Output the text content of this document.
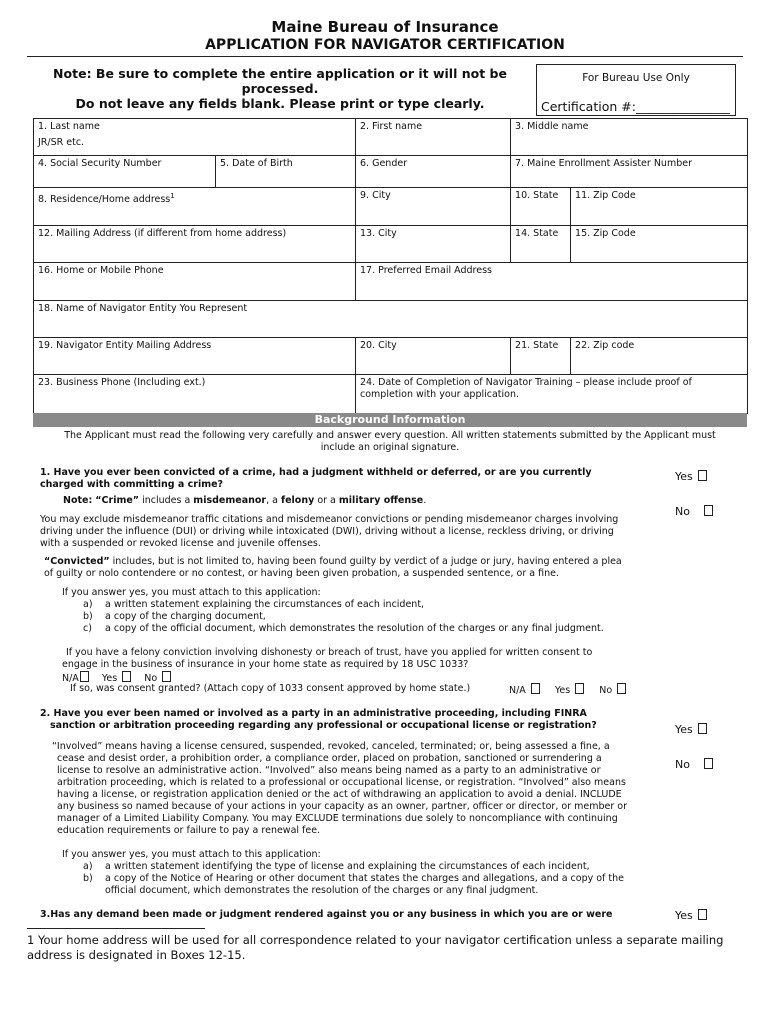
Maine Bureau of Insurance
APPLICATION FOR NAVIGATOR CERTIFICATION
Note: Be sure to complete the entire application or it will not be
processed.
Do not leave any fields blank. Please print or type clearly.
For Bureau Use Only
Certification #:_______________
1. Last name
JR/SR etc.		2. First name	3. Middle name	
4. Social Security Number	5. Date of Birth	6. Gender	7. Maine Enrollment Assister Number	
8. Residence/Home address$^1$		9. City	10. State	11. Zip Code
12. Mailing Address (if different from home address)		13. City	14. State	15. Zip Code
16. Home or Mobile Phone		17. Preferred Email Address		
18. Name of Navigator Entity You Represent				
19. Navigator Entity Mailing Address		20. City	21. State	22. Zip code
23. Business Phone (Including ext.)		24. Date of Completion of Navigator Training – please include proof of completion with your application.		
Background Information
The Applicant must read the following very carefully and answer every question. All written statements submitted by the Applicant must
include an original signature.
1. Have you ever been convicted of a crime, had a judgment withheld or deferred, or are you currently
charged with committing a crime?
Yes
No
Note: “Crime” includes a misdemeanor, a felony or a military offense.
You may exclude misdemeanor traffic citations and misdemeanor convictions or pending misdemeanor charges involving
driving under the influence (DUI) or driving while intoxicated (DWI), driving without a license, reckless driving, or driving
with a suspended or revoked license and juvenile offenses.
“Convicted” includes, but is not limited to, having been found guilty by verdict of a judge or jury, having entered a plea
of guilty or nolo contendere or no contest, or having been given probation, a suspended sentence, or a fine.
If you answer yes, you must attach to this application:
a) a written statement explaining the circumstances of each incident,
b) a copy of the charging document,
c) a copy of the official document, which demonstrates the resolution of the charges or any final judgment.
If you have a felony conviction involving dishonesty or breach of trust, have you applied for written consent to
engage in the business of insurance in your home state as required by 18 USC 1033?
N/A Yes	No
If so, was consent granted? (Attach copy of 1033 consent approved by home state.)	N/A	Yes	No
2. Have you ever been named or involved as a party in an administrative proceeding, including FINRA
sanction or arbitration proceeding regarding any professional or occupational license or registration?	Yes
No
“Involved” means having a license censured, suspended, revoked, canceled, terminated; or, being assessed a fine, a
cease and desist order, a prohibition order, a compliance order, placed on probation, sanctioned or surrendering a
license to resolve an administrative action. “Involved” also means being named as a party to an administrative or
arbitration proceeding, which is related to a professional or occupational license, or registration. “Involved” also means
having a license, or registration application denied or the act of withdrawing an application to avoid a denial. INCLUDE
any business so named because of your actions in your capacity as an owner, partner, officer or director, or member or
manager of a Limited Liability Company. You may EXCLUDE terminations due solely to noncompliance with continuing
education requirements or failure to pay a renewal fee.
If you answer yes, you must attach to this application:
a) a written statement identifying the type of license and explaining the circumstances of each incident,
b) a copy of the Notice of Hearing or other document that states the charges and allegations, and a copy of the
official document, which demonstrates the resolution of the charges or any final judgment.
3.Has any demand been made or judgment rendered against you or any business in which you are or were	Yes
1 Your home address will be used for all correspondence related to your navigator certification unless a separate mailing
address is designated in Boxes 12-15.
